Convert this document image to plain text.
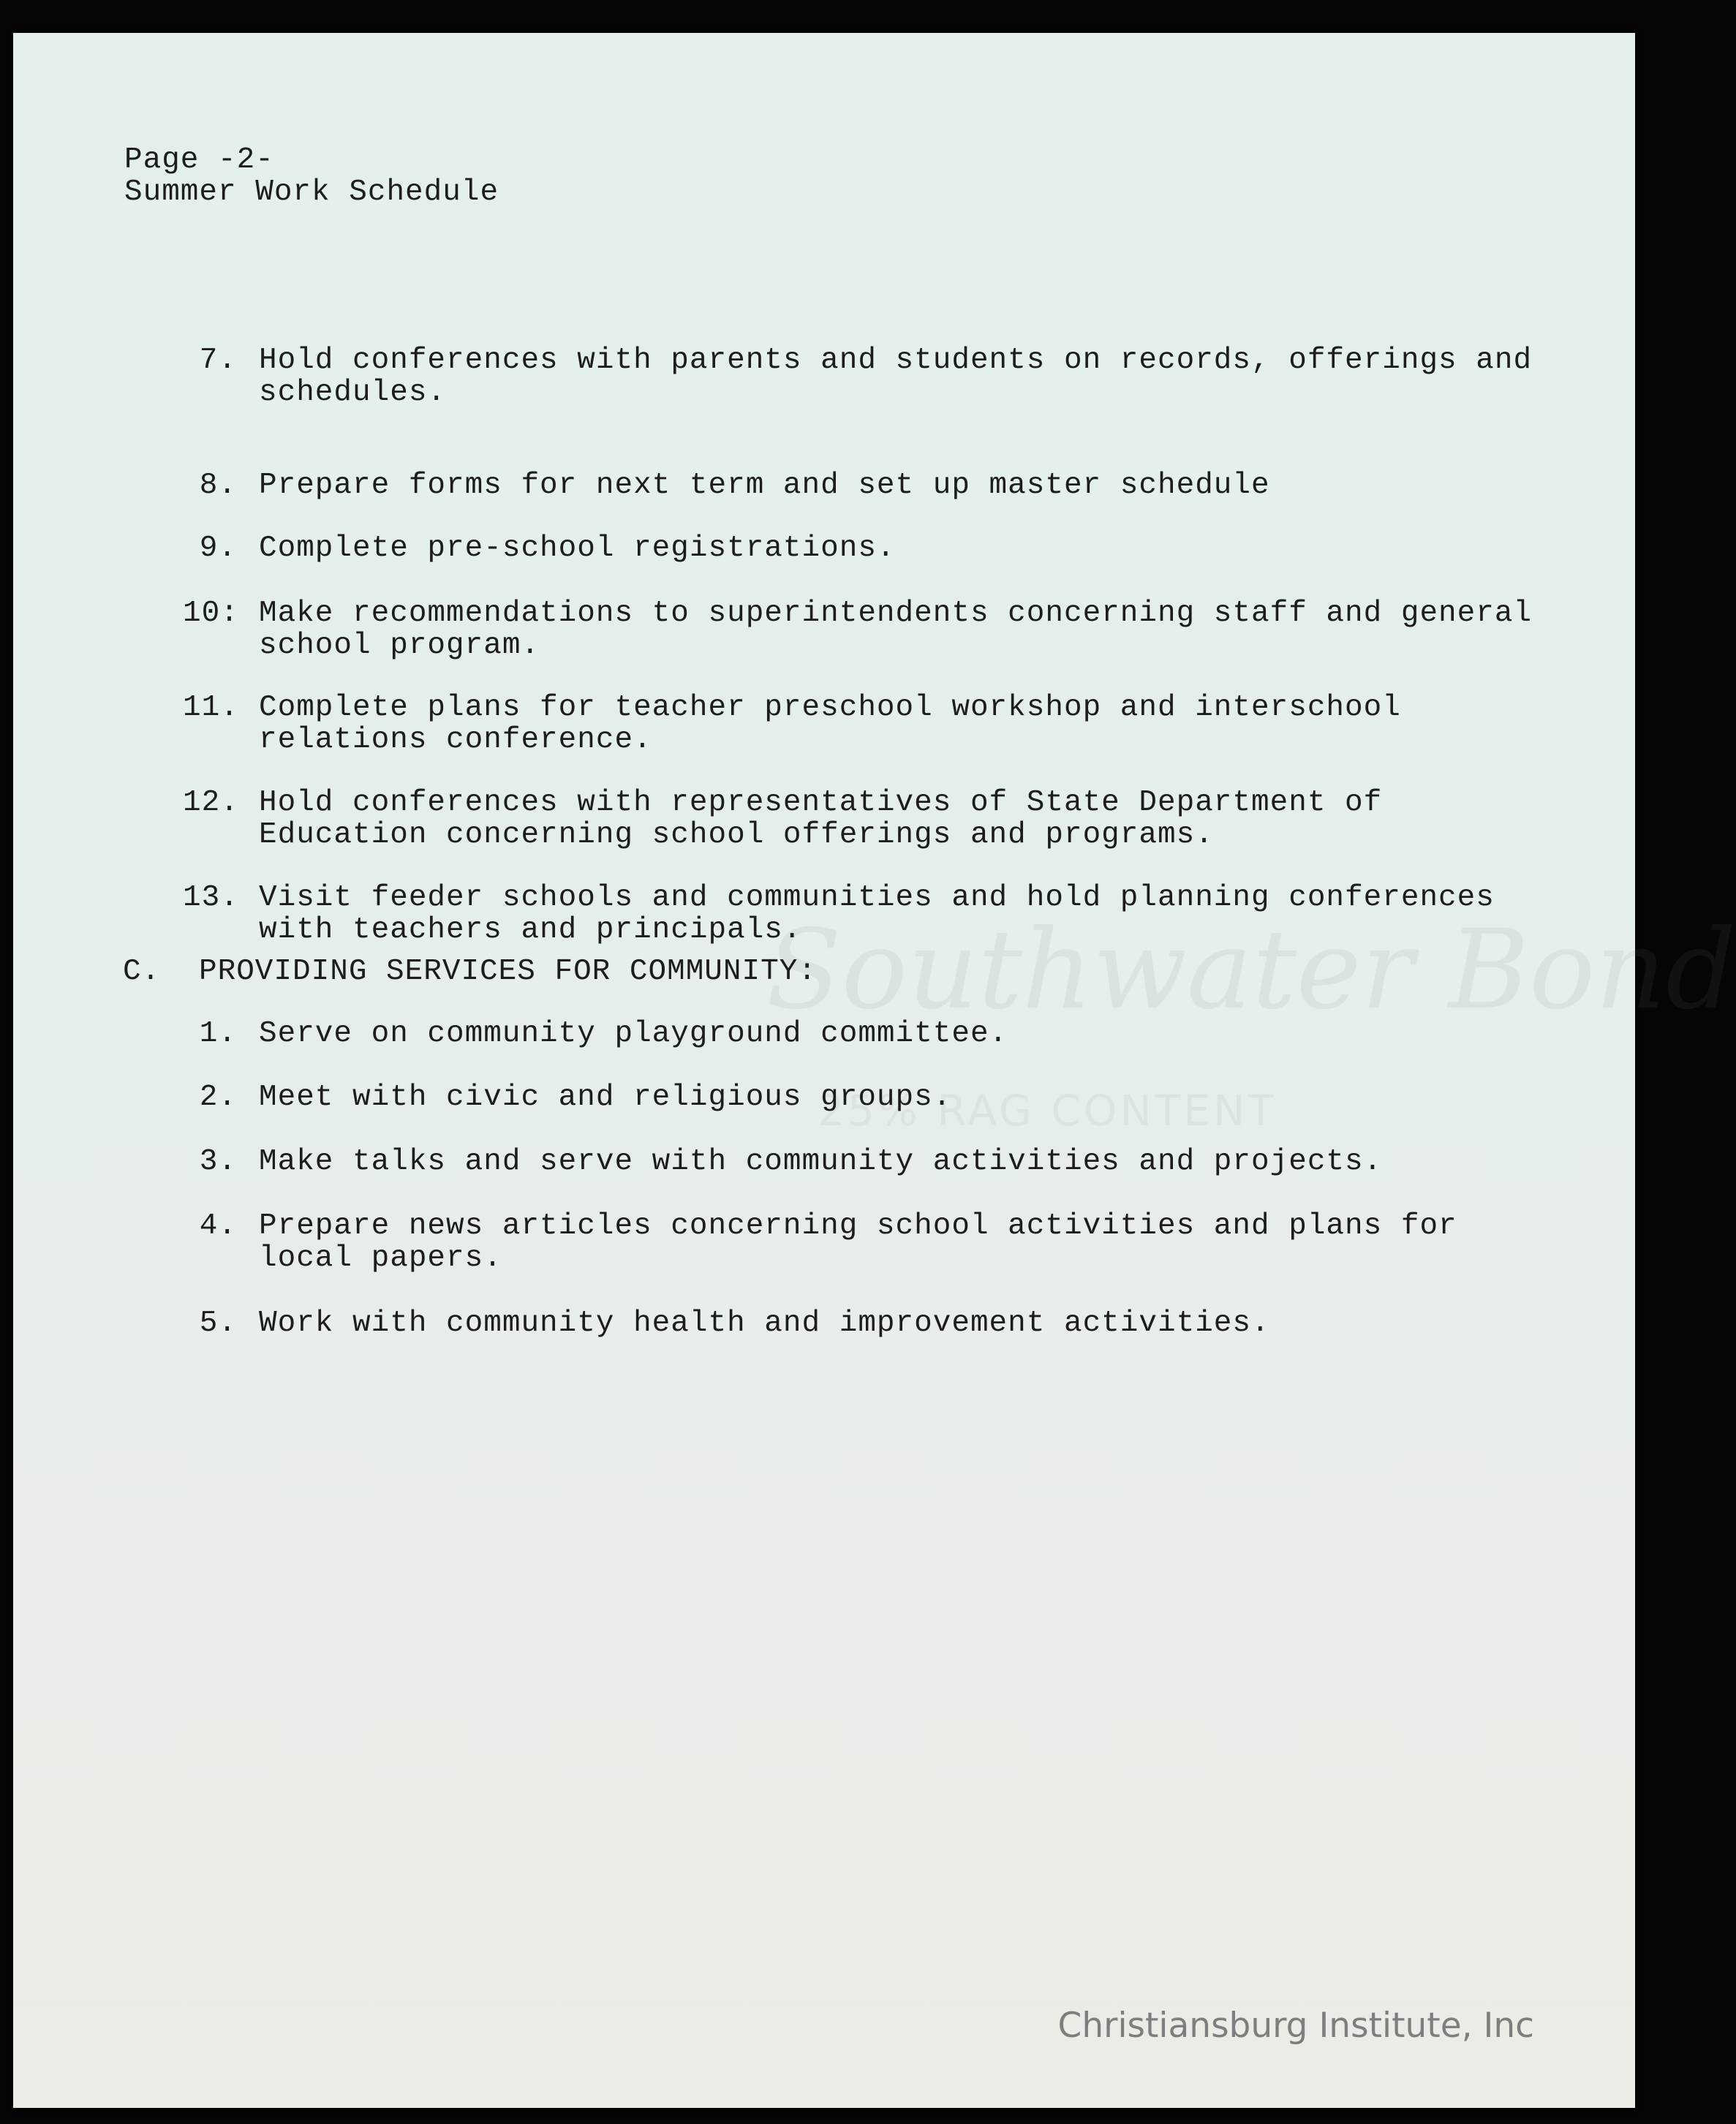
Southwater Bond
25% RAG CONTENT
Page -2-
Summer Work Schedule
7. Hold conferences with parents and students on records, offerings and schedules.
8. Prepare forms for next term and set up master schedule
9. Complete pre-school registrations.
10: Make recommendations to superintendents concerning staff and general school program.
11. Complete plans for teacher preschool workshop and interschool relations conference.
12. Hold conferences with representatives of State Department of Education concerning school offerings and programs.
13. Visit feeder schools and communities and hold planning conferences with teachers and principals.
C.	PROVIDING SERVICES FOR COMMUNITY:
1. Serve on community playground committee.
2. Meet with civic and religious groups.
3. Make talks and serve with community activities and projects.
4. Prepare news articles concerning school activities and plans for local papers.
5. Work with community health and improvement activities.
Christiansburg Institute, Inc
